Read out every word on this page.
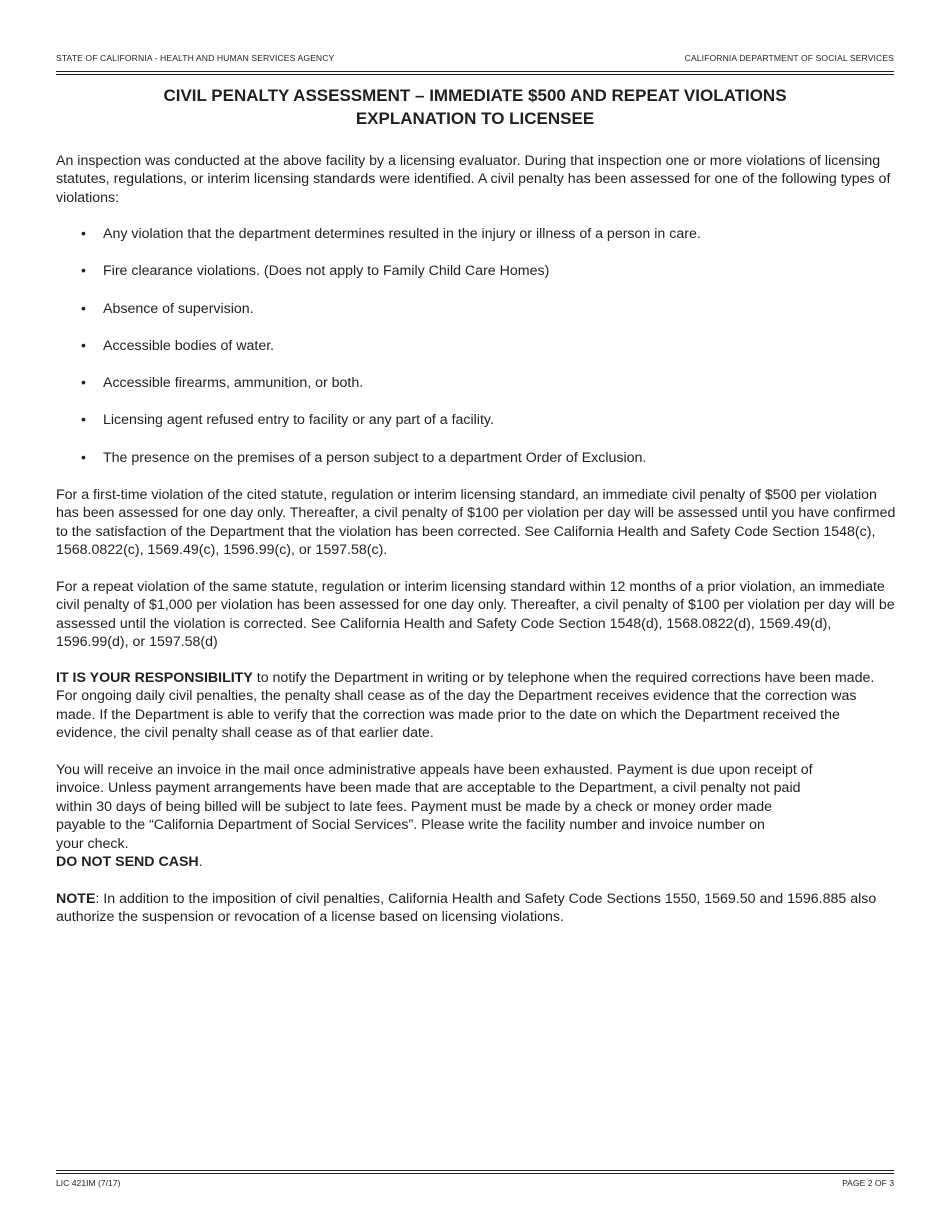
STATE OF CALIFORNIA - HEALTH AND HUMAN SERVICES AGENCY	CALIFORNIA DEPARTMENT OF SOCIAL SERVICES
CIVIL PENALTY ASSESSMENT – IMMEDIATE $500 AND REPEAT VIOLATIONS
EXPLANATION TO LICENSEE

An inspection was conducted at the above facility by a licensing evaluator. During that inspection one or more violations of licensing statutes, regulations, or interim licensing standards were identified. A civil penalty has been assessed for one of the following types of violations:

• Any violation that the department determines resulted in the injury or illness of a person in care.
• Fire clearance violations. (Does not apply to Family Child Care Homes)
• Absence of supervision.
• Accessible bodies of water.
• Accessible firearms, ammunition, or both.
• Licensing agent refused entry to facility or any part of a facility.
• The presence on the premises of a person subject to a department Order of Exclusion.

For a first-time violation of the cited statute, regulation or interim licensing standard, an immediate civil penalty of $500 per violation has been assessed for one day only. Thereafter, a civil penalty of $100 per violation per day will be assessed until you have confirmed to the satisfaction of the Department that the violation has been corrected. See California Health and Safety Code Section 1548(c), 1568.0822(c), 1569.49(c), 1596.99(c), or 1597.58(c).

For a repeat violation of the same statute, regulation or interim licensing standard within 12 months of a prior violation, an immediate civil penalty of $1,000 per violation has been assessed for one day only. Thereafter, a civil penalty of $100 per violation per day will be assessed until the violation is corrected. See California Health and Safety Code Section 1548(d), 1568.0822(d), 1569.49(d), 1596.99(d), or 1597.58(d)

IT IS YOUR RESPONSIBILITY to notify the Department in writing or by telephone when the required corrections have been made. For ongoing daily civil penalties, the penalty shall cease as of the day the Department receives evidence that the correction was made. If the Department is able to verify that the correction was made prior to the date on which the Department received the evidence, the civil penalty shall cease as of that earlier date.

You will receive an invoice in the mail once administrative appeals have been exhausted. Payment is due upon receipt of
invoice. Unless payment arrangements have been made that are acceptable to the Department, a civil penalty not paid
within 30 days of being billed will be subject to late fees. Payment must be made by a check or money order made
payable to the “California Department of Social Services”. Please write the facility number and invoice number on
your check.
DO NOT SEND CASH.

NOTE: In addition to the imposition of civil penalties, California Health and Safety Code Sections 1550, 1569.50 and 1596.885 also authorize the suspension or revocation of a license based on licensing violations.

LIC 421IM (7/17)	PAGE 2 OF 3
